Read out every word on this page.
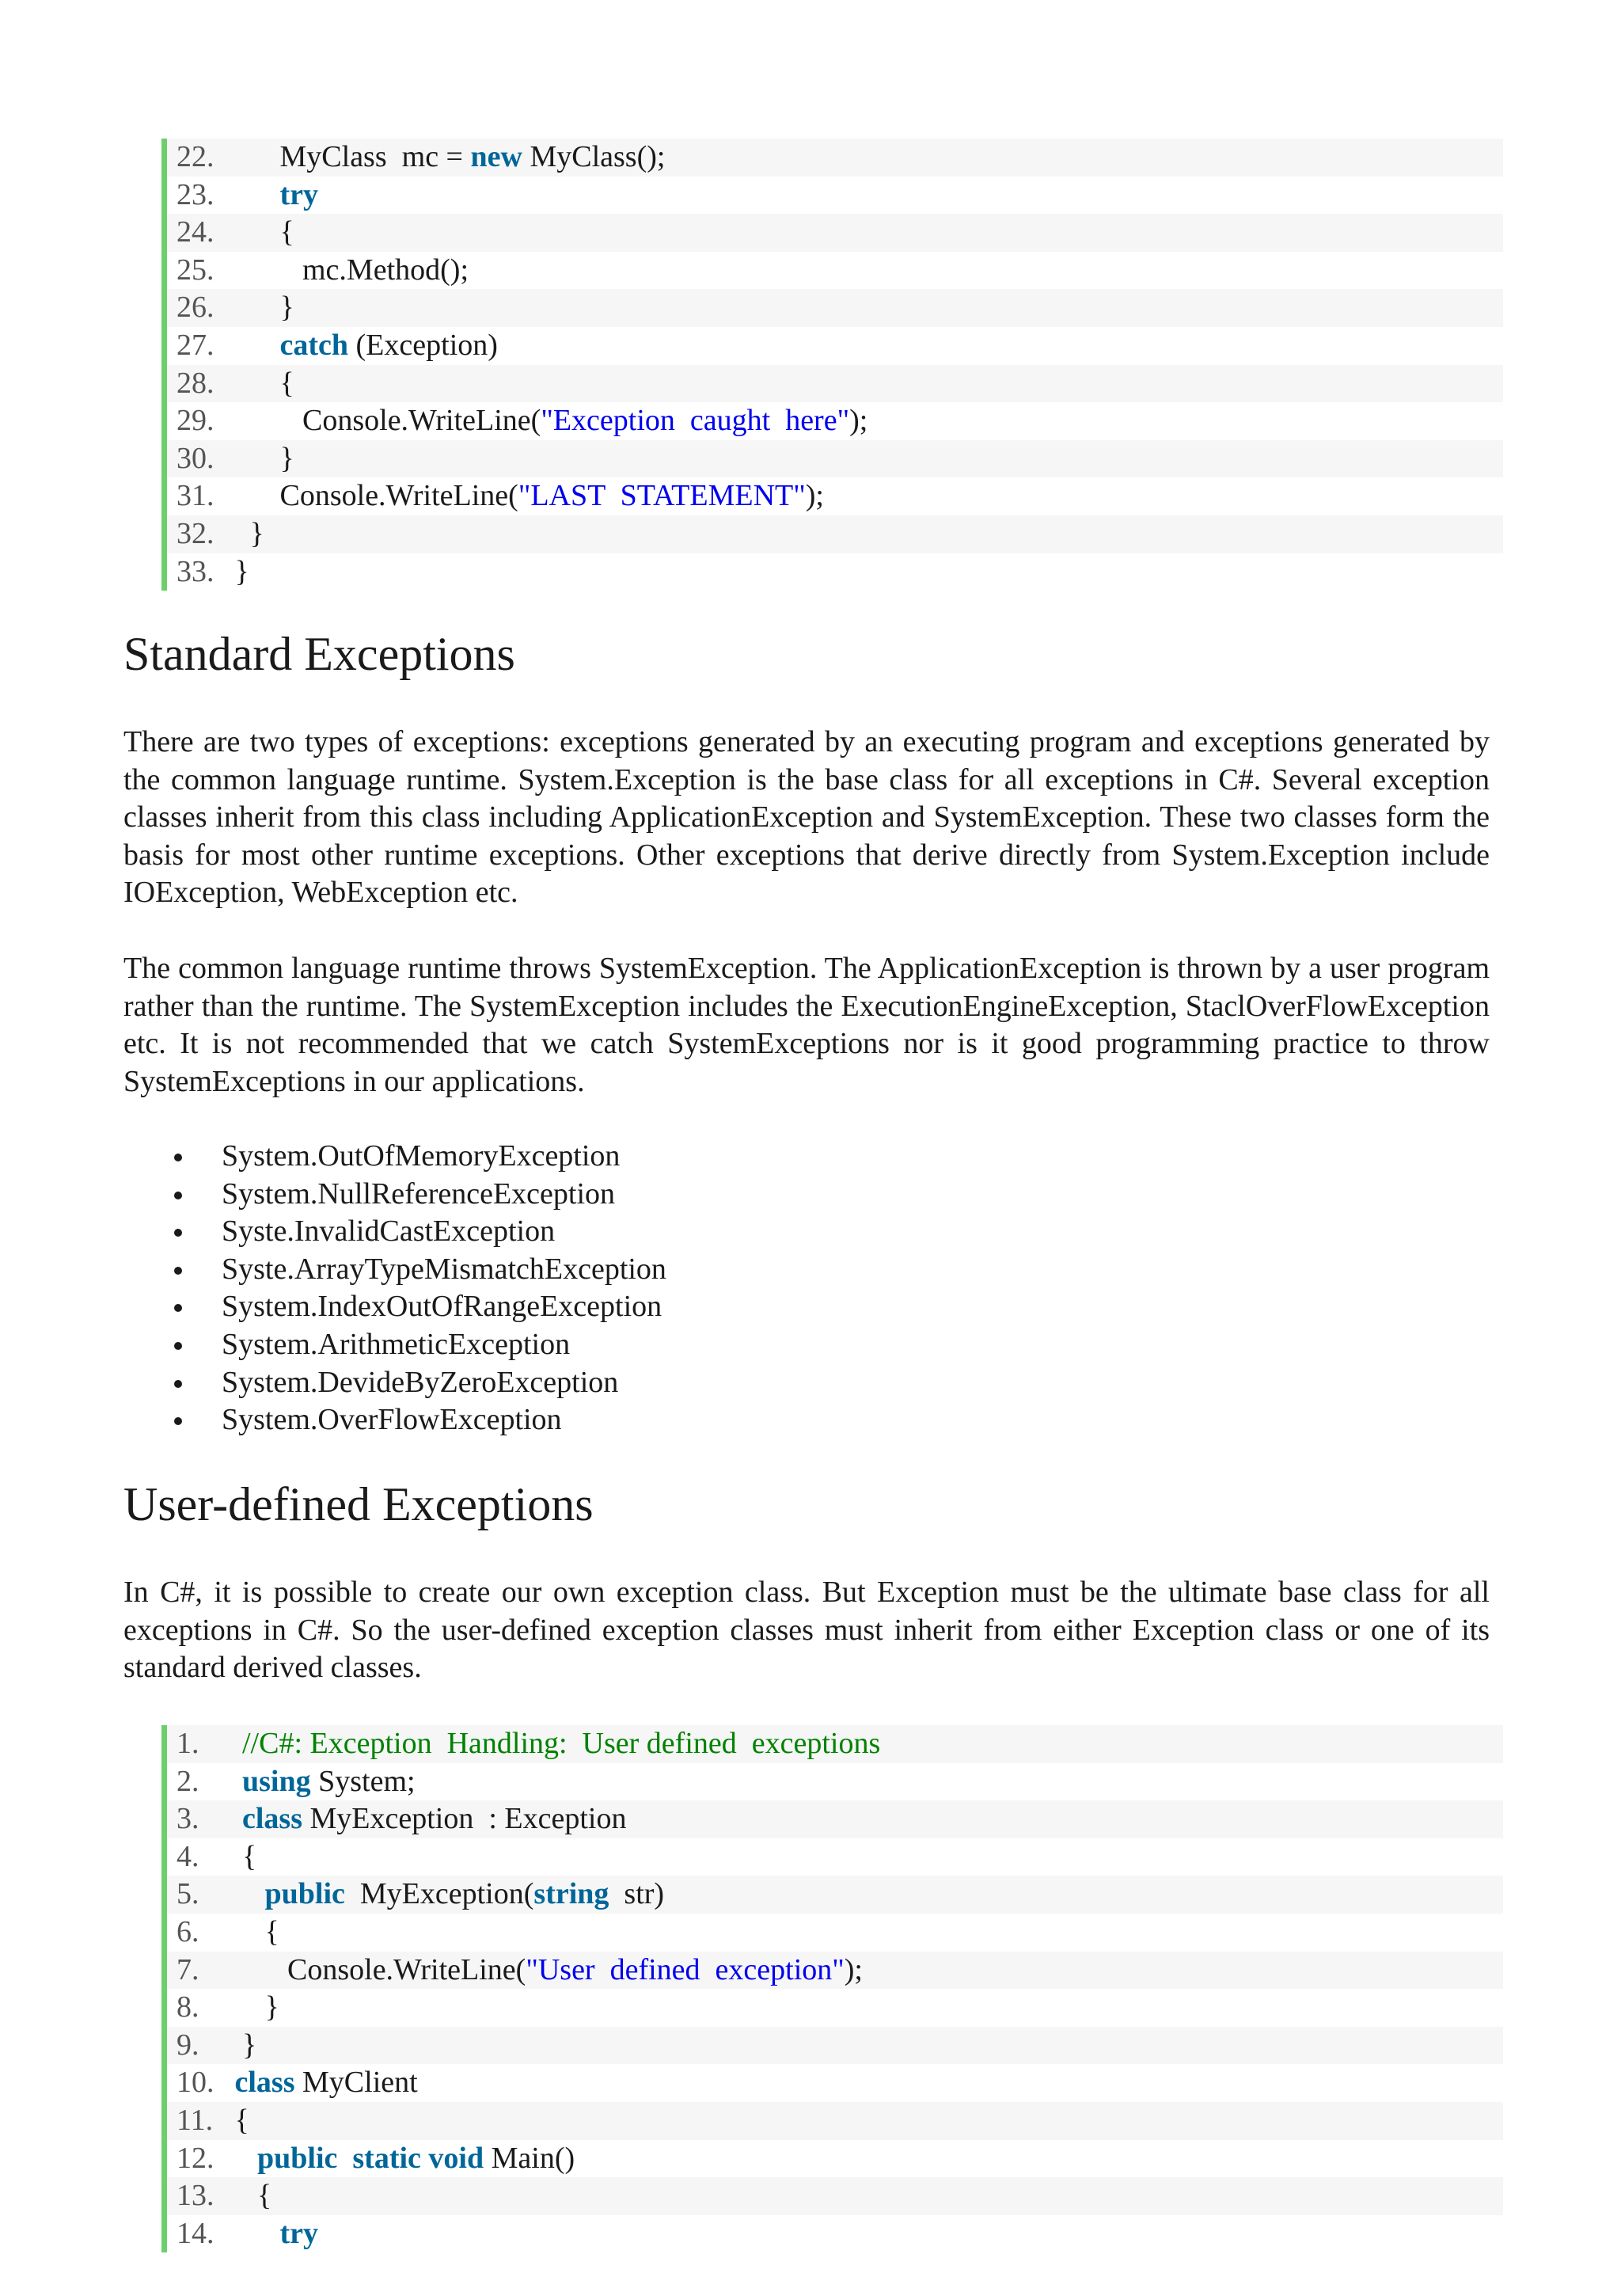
22. MyClass  mc = new MyClass();
23. try
24. {
25.	mc.Method();
26. }
27. catch (Exception)
28. {
29.	Console.WriteLine("Exception  caught  here");
30. }
31. Console.WriteLine("LAST  STATEMENT");
32. }
33. }
Standard Exceptions

There are two types of exceptions: exceptions generated by an executing program and exceptions generated by the common language runtime. System.Exception is the base class for all exceptions in C#. Several exception classes inherit from this class including ApplicationException and SystemException. These two classes form the basis for most other runtime exceptions. Other exceptions that derive directly from System.Exception include IOException, WebException etc.

The common language runtime throws SystemException. The ApplicationException is thrown by a user program rather than the runtime. The SystemException includes the ExecutionEngineException, StaclOverFlowException etc. It is not recommended that we catch SystemExceptions nor is it good programming practice to throw SystemExceptions in our applications.

System.OutOfMemoryException
System.NullReferenceException
Syste.InvalidCastException
Syste.ArrayTypeMismatchException
System.IndexOutOfRangeException
System.ArithmeticException
System.DevideByZeroException
System.OverFlowException
User-defined Exceptions

In C#, it is possible to create our own exception class. But Exception must be the ultimate base class for all exceptions in C#. So the user-defined exception classes must inherit from either Exception class or one of its standard derived classes.

1. //C#: Exception  Handling:  User defined  exceptions
2. using System;
3. class MyException  : Exception
4. {
5. public  MyException(string  str)
6. {
7.	Console.WriteLine("User  defined  exception");
8. }
9. }
10. class MyClient
11. {
12. public static void Main()
13. {
14. try
